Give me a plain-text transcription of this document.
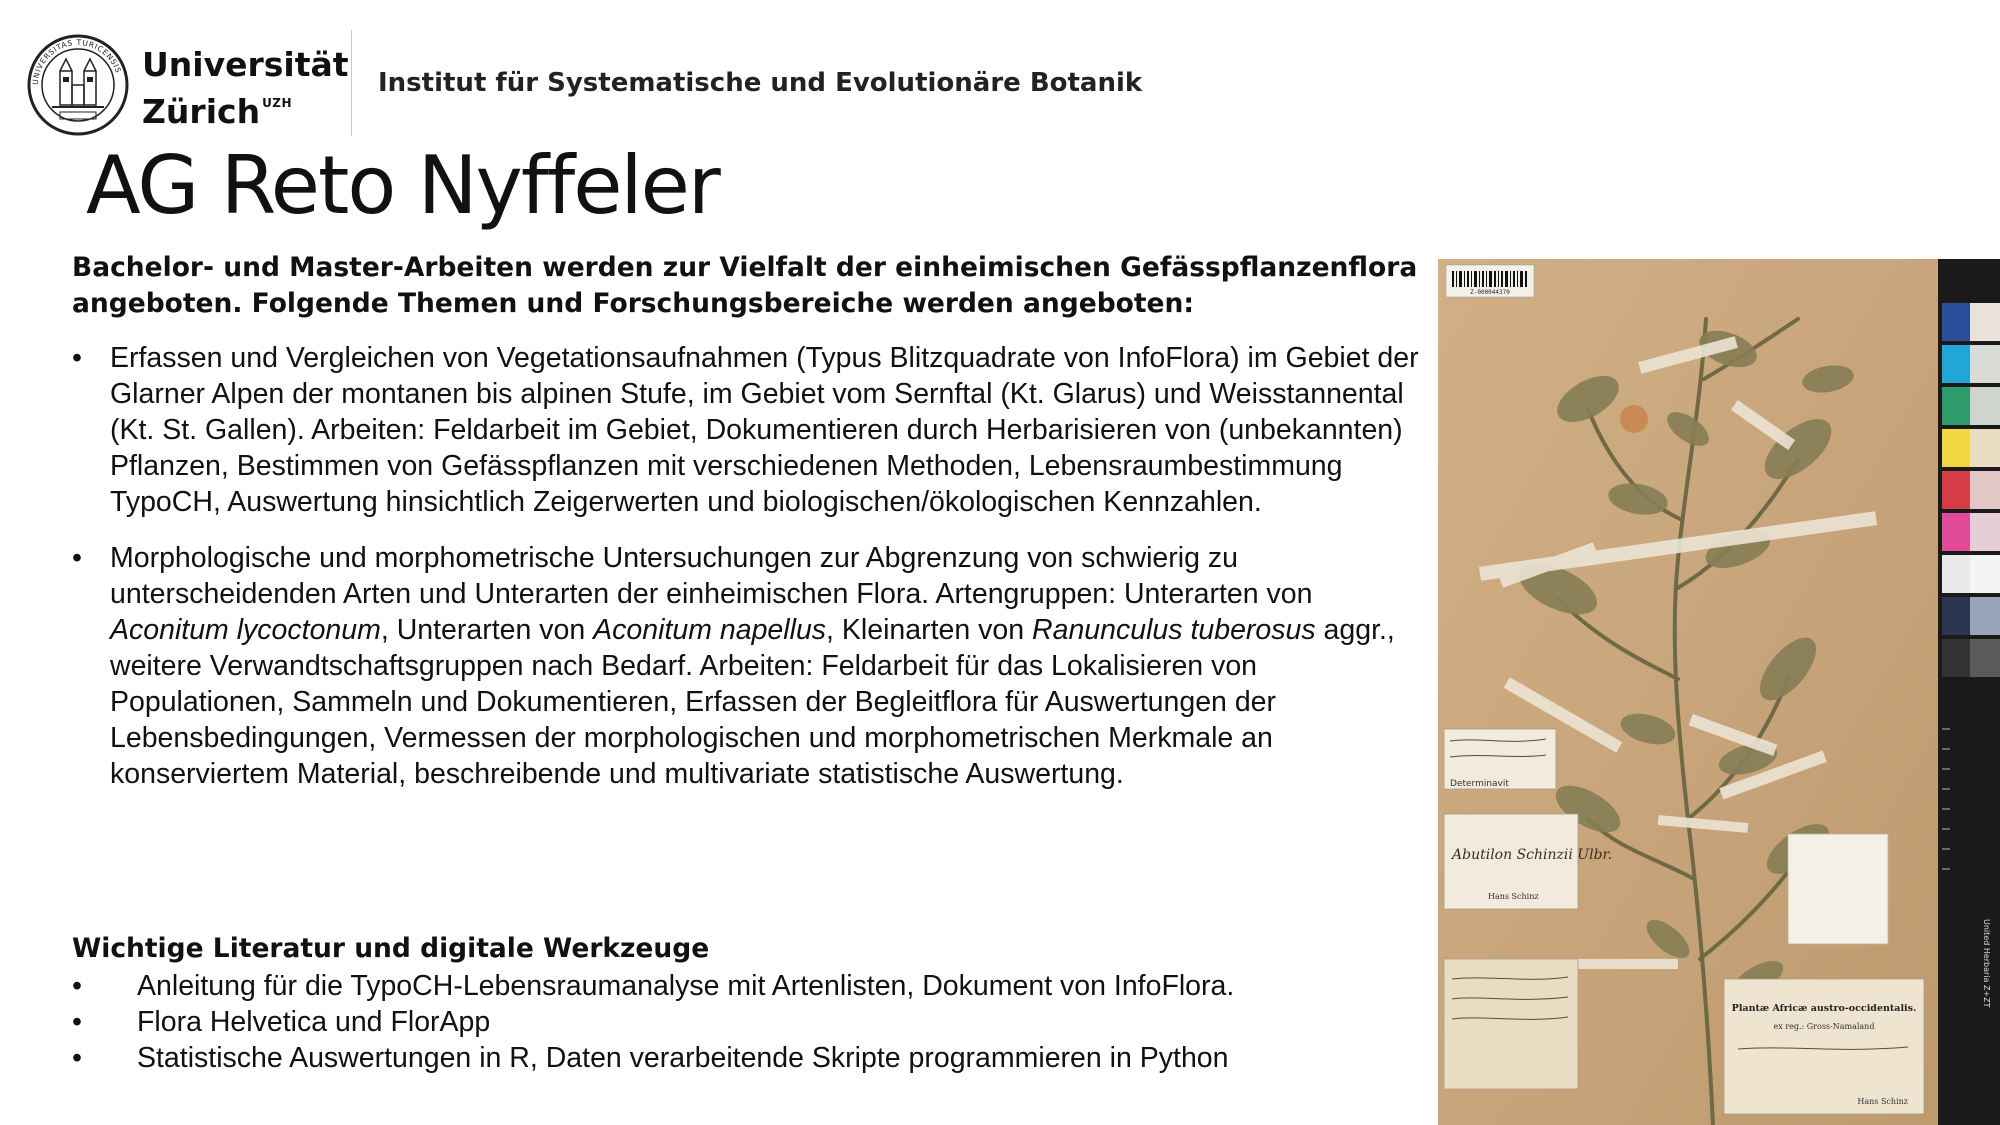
UNIVERSITAS TURICENSIS Universität
Zürich $^{UZH}$
Institut für Systematische und Evolutionäre Botanik
AG Reto Nyffeler

Bachelor- und Master-Arbeiten werden zur Vielfalt der einheimischen Gefässpflanzenflora angeboten. Folgende Themen und Forschungsbereiche werden angeboten:

• Erfassen und Vergleichen von Vegetationsaufnahmen (Typus Blitzquadrate von InfoFlora) im Gebiet der Glarner Alpen der montanen bis alpinen Stufe, im Gebiet vom Sernftal (Kt. Glarus) und Weisstannental (Kt. St. Gallen). Arbeiten: Feldarbeit im Gebiet, Dokumentieren durch Herbarisieren von (unbekannten) Pflanzen, Bestimmen von Gefässpflanzen mit verschiedenen Methoden, Lebensraumbestimmung TypoCH, Auswertung hinsichtlich Zeigerwerten und biologischen/ökologischen Kennzahlen.
• Morphologische und morphometrische Untersuchungen zur Abgrenzung von schwierig zu unterscheidenden Arten und Unterarten der einheimischen Flora. Artengruppen: Unterarten von Aconitum lycoctonum, Unterarten von Aconitum napellus, Kleinarten von Ranunculus tuberosus aggr., weitere Verwandtschaftsgruppen nach Bedarf. Arbeiten: Feldarbeit für das Lokalisieren von Populationen, Sammeln und Dokumentieren, Erfassen der Begleitflora für Auswertungen der Lebensbedingungen, Vermessen der morphologischen und morphometrischen Merkmale an konserviertem Material, beschreibende und multivariate statistische Auswertung.
Wichtige Literatur und digitale Werkzeuge
• Anleitung für die TypoCH-Lebensraumanalyse mit Artenlisten, Dokument von InfoFlora.
• Flora Helvetica und FlorApp
• Statistische Auswertungen in R, Daten verarbeitende Skripte programmieren in Python
Z-000044370
Determinavit
Abutilon Schinzii Ulbr.
Hans Schinz
Plantæ Africæ austro-occidentalis.
ex reg.: Gross-Namaland
Hans Schinz
United Herbaria Z+ZT
